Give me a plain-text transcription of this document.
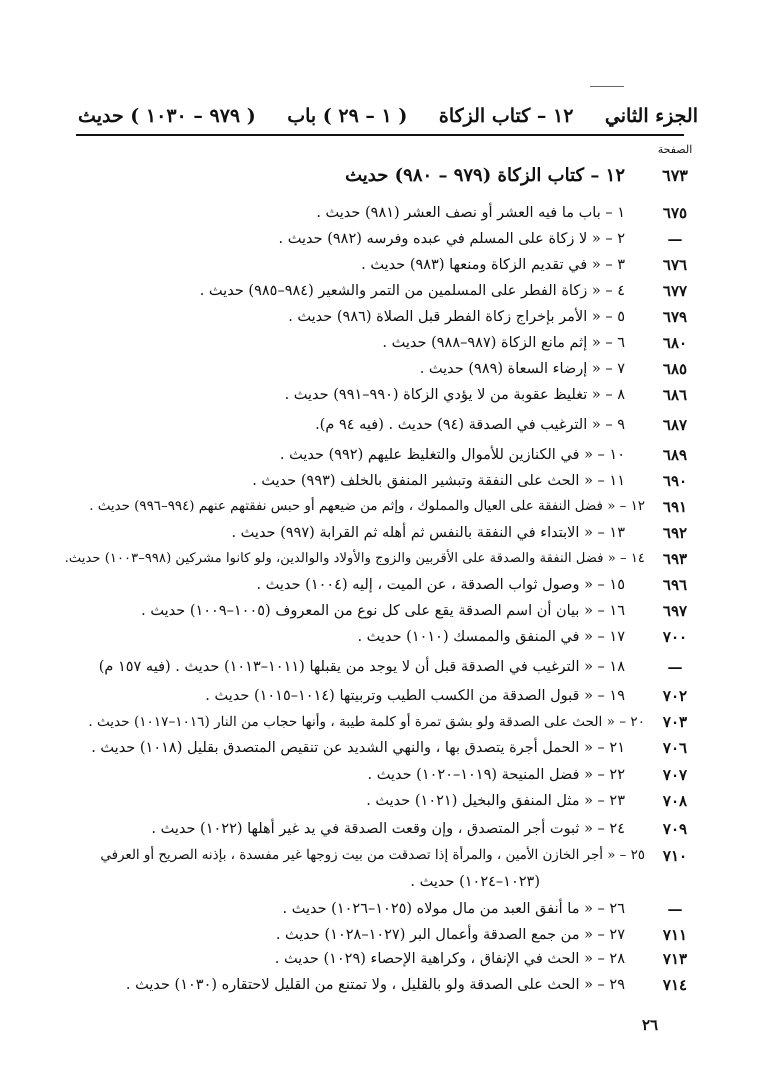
الجزء الثاني
١٢ – كتاب الزكاة
( ١ – ٢٩ ) باب
( ٩٧٩ – ١٠٣٠ ) حديث
الصفحة
٦٧٣
١٢ – كتاب الزكاة (٩٧٩ – ٩٨٠) حديث
٦٧٥
١ – باب ما فيه العشر أو نصف العشر (٩٨١) حديث .
—
٢ – « لا زكاة على المسلم في عبده وفرسه (٩٨٢) حديث .
٦٧٦
٣ – « في تقديم الزكاة ومنعها (٩٨٣) حديث .
٦٧٧
٤ – « زكاة الفطر على المسلمين من التمر والشعير (٩٨٤–٩٨٥) حديث .
٦٧٩
٥ – « الأمر بإخراج زكاة الفطر قبل الصلاة (٩٨٦) حديث .
٦٨٠
٦ – « إثم مانع الزكاة (٩٨٧–٩٨٨) حديث .
٦٨٥
٧ – « إرضاء السعاة (٩٨٩) حديث .
٦٨٦
٨ – « تغليظ عقوبة من لا يؤدي الزكاة (٩٩٠–٩٩١) حديث .
٦٨٧
٩ – « الترغيب في الصدقة (٩٤) حديث . (فيه ٩٤ م).
٦٨٩
١٠ – « في الكنازين للأموال والتغليظ عليهم (٩٩٢) حديث .
٦٩٠
١١ – « الحث على النفقة وتبشير المنفق بالخلف (٩٩٣) حديث .
٦٩١
١٢ – « فضل النفقة على العيال والمملوك ، وإثم من ضيعهم أو حبس نفقتهم عنهم (٩٩٤–٩٩٦) حديث .
٦٩٢
١٣ – « الابتداء في النفقة بالنفس ثم أهله ثم القرابة (٩٩٧) حديث .
٦٩٣
١٤ – « فضل النفقة والصدقة على الأقربين والزوج والأولاد والوالدين، ولو كانوا مشركين (٩٩٨–١٠٠٣) حديث.
٦٩٦
١٥ – « وصول ثواب الصدقة ، عن الميت ، إليه (١٠٠٤) حديث .
٦٩٧
١٦ – « بيان أن اسم الصدقة يقع على كل نوع من المعروف (١٠٠٥–١٠٠٩) حديث .
٧٠٠
١٧ – « في المنفق والممسك (١٠١٠) حديث .
—
١٨ – « الترغيب في الصدقة قبل أن لا يوجد من يقبلها (١٠١١–١٠١٣) حديث . (فيه ١٥٧ م)
٧٠٢
١٩ – « قبول الصدقة من الكسب الطيب وتربيتها (١٠١٤–١٠١٥) حديث .
٧٠٣
٢٠ – « الحث على الصدقة ولو بشق تمرة أو كلمة طيبة ، وأنها حجاب من النار (١٠١٦–١٠١٧) حديث .
٧٠٦
٢١ – « الحمل أجرة يتصدق بها ، والنهي الشديد عن تنقيص المتصدق بقليل (١٠١٨) حديث .
٧٠٧
٢٢ – « فضل المنيحة (١٠١٩–١٠٢٠) حديث .
٧٠٨
٢٣ – « مثل المنفق والبخيل (١٠٢١) حديث .
٧٠٩
٢٤ – « ثبوت أجر المتصدق ، وإن وقعت الصدقة في يد غير أهلها (١٠٢٢) حديث .
٧١٠
٢٥ – « أجر الخازن الأمين ، والمرأة إذا تصدقت من بيت زوجها غير مفسدة ، بإذنه الصريح أو العرفي
(١٠٢٣–١٠٢٤) حديث .
—
٢٦ – « ما أنفق العبد من مال مولاه (١٠٢٥–١٠٢٦) حديث .
٧١١
٢٧ – « من جمع الصدقة وأعمال البر (١٠٢٧–١٠٢٨) حديث .
٧١٣
٢٨ – « الحث في الإنفاق ، وكراهية الإحصاء (١٠٢٩) حديث .
٧١٤
٢٩ – « الحث على الصدقة ولو بالقليل ، ولا تمتنع من القليل لاحتقاره (١٠٣٠) حديث .
٢٦
